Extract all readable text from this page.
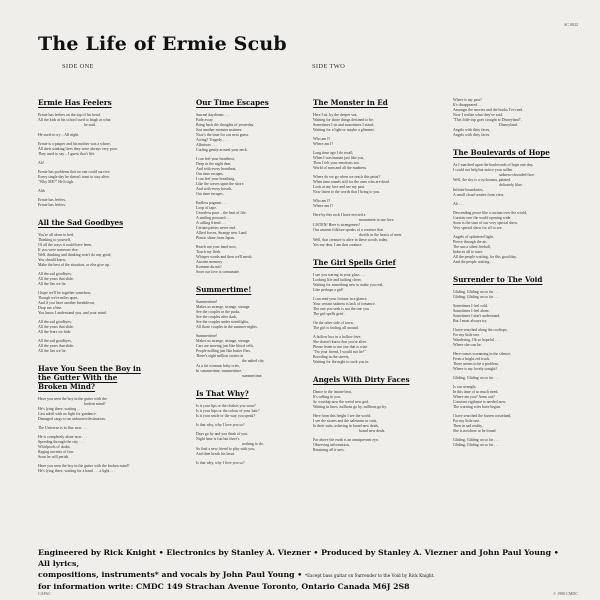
SC 8022
The Life of Ermie Scub
SIDE ONE	SIDE TWO
Ermie Has Feelers
Ermie has feelers on the top of his head,
All the kids at his school used to laugh at what
he said.

He used to cry – All night.
Ermie is a pauper and his mother was a whore.
All their stinking lives they were always very poor.
They used to say – I guess that's life.
Ah!
Ermie has problems that no one could survive.
Every single day he doesn't want to stay alive.
"Why ME?" He'd sigh.
Ahh
Ermie has feelers,
Ermie has feelers.
All the Sad Goodbyes
You're all alone in bed,
Thinking to yourself,
Of all the ways it could have been,
If you were someone else.
Well, thinking and thinking won't do any good,
You should know,
Make the best of the situation, or else give up.
All the sad goodbyes,
All the years that slide.
All the lies we lie.
I hope we'll be together somehow,
Though we're miles apart,
And if you have another breakdown,
Drop me a line.
You know I understand you, and your mind.
All the sad goodbyes,
All the years that slide.
All the fears we hide.
All the sad goodbyes,
All the years that slide.
All the lies we lie.
Have You Seen the Boy in the Gutter With the Broken Mind?
Have you seen the boy in the gutter with the
broken mind?
He's lying there, waiting . . .
Cast adrift with no light for guidance.
Damaged cargo to an unknown destination.
The Universe is in flux now . . .
He is completely alone now . . .
Speeding through the city . . .
Whirlpools of doubt,
Raging torrents of fear.
Soon he will perish.
Have you seen the boy in the gutter with the broken mind?
He's lying there, waiting for a hand . . . a light . . .
Our Time Escapes
Surreal daydream . . .
Fade away.
Bring back the thoughts of yesterday.
Just another monster matinee.
Now's the time for our next guest.
Acting? Tragedy . . .
Albatross . . .
Curling gently around your neck.
I can feel your heartbeat,
Deep in the night dear.
And with every heartbeat,
Our time escapes.
I can feel your breathing,
Like the waves upon the shore.
And with every breath,
Our time escapes.
Endless pageant . . .
Loop of tape.
Ceaseless pace – the beat of life.
A smiling postcard . . .
A calling friend . . .
Certain parties never end.
Allied forces, Strange new Land
Plastic shine from Japan.
Reach out your hand now,
Touch my flesh.
Whisper words and then we'll mesh.
Ancient memory . . .
Kommst du mit!
Soon our love is consumate.
Summertime!
Summertime!
Makes us strange, strange, strange.
See the couples in the parks,
See the couples after dark,
See the couples under streetlights,
All those couples in the summer nights.
Summertime!
Makes us strange, strange, strange.
Cars are moving just like blood cells,
People milling just like butter flies.
There's eight million stories in
the naked city
As a fat womans baby cries,
In summertime, summertime,
summertime.
Is That Why?
Is it your lips or the clothes you wear?
Is it your hips or the colour of your hair?
Is it your smile or the way you speak?
Is that why, why I love you so?
Days go by and you think of you.
Night time is fun but there's
nothing to do.
So find a new friend to play with you,
And then break his heart.
Is that why, why I love you so?
The Monster in Ed
Here I sit, by the deeper sea,
Waiting for those things destined to be.
Sometimes I sit and sometimes I stand,
Waiting for a light or maybe a glimmer.
Who am I?
Where am I?
Long time ago I do recall,
When I was human just like you,
Then I felt your emotions too.
World of men and all the madness.
Where do we go when we reach this point?
When time stands still for the ones who are dead.
Look at my face and see my past.
Now listen to the words that I bring to you.
Who am I?
Where am I?
Here by this rock I have erected a
monument to our love.
LISTEN! Here is strangeness!
Our ancient folklore speaks of a creature that
dwells in the hearts of men.
Well, that creature is alive in these woods today.
Yes my dear, I am that creature.
The Girl Spells Grief
I see you staring in your glass . . .
Looking life and lacking cheer,
Waiting for something new to make you real,
Like perhaps a girl!
I can read your fortune in a glance.
Your certain sadness is lack of romance.
The one you seek is not the one you
The girl spells grief.
On the other side of town,
The girl is fooling all around.
A hollow box in a hollow hive,
She doesn't know that you're alive.
Please listen to me one that is wise.
"I'm your friend, I would not lie!"
Brooding in the streets,
Waiting for the night to suck you in.
Angels With Dirty Faces
Dance to the insane beat,
It's calling to you.
So worship now the weird new god.
Waiting in lines, millions go by, millions go by.
Here from this height I see the world.
I see the stones and the salesmen in suits,
In their suits, ushering in brand new deals,
brand new deals.
Far above the earth is an omnipresent eye,
Observing information,
Retaining all it sees.
Where is my past?
It's disappeared . . .
Amongst the movies and the books I've read.
Now I realize what they've said,
"This little trip goes straight to Disneyland",
Disneyland.
Angels with dirty faces,
Angels with dirty faces.
The Boulevards of Hope
As I marched upon the boulevards of hope one day,
I could not help but notice your sullen
sadness-shrouded face.
Well, the sky is a cyclorama, painted
delicately blue.
Infinite boundaries,
A small cloud creates from view.
Ah . . .
Descending peace like a curtain over the world,
Curtain over the world opening wide.
Soon is the start of our very special show,
Very special show for all to see.
Angels of splintered light,
Pierce through the air.
The sun a silent fireball,
Induces all to stare.
All the people waiting, for this good day,
And the people waiting . . .
Surrender to The Void
Gliding, Gliding on so far . . .
Gliding, Gliding on so far . . .
Sometimes I feel cold.
Sometimes I feel alone.
Sometimes I don't understand,
But I must always try.
I have searched along the rooftops,
For my little one.
Wandering, Oh so hopeful . . .
Where she can be.
Here comes screaming in the silence,
From a bright red truck.
There seems to be a problem,
Where is my lovely tonight?
Gliding, Gliding on so far . . .
Is our strength,
In this time of so much need,
Where are you? Arms out?
Constant vigilance is needed now,
The warning cries have begun.
I have searched the barren wasteland,
For my little one.
Then in sad reality,
She is nowhere to be found.
Gliding, Gliding on so far . . .
Gliding, Gliding on so far . . .
Engineered by Rick Knight • Electronics by Stanley A. Viezner • Produced by Stanley A. Viezner and John Paul Young • All lyrics,
compositions, instruments* and vocals by John Paul Young • *Except bass guitar on Surrender to the Void by Rick Knight.
for information write: CMDC 149 Strachan Avenue Toronto, Ontario Canada M6J 2S8
CAPAC	© 1980 CMDC
